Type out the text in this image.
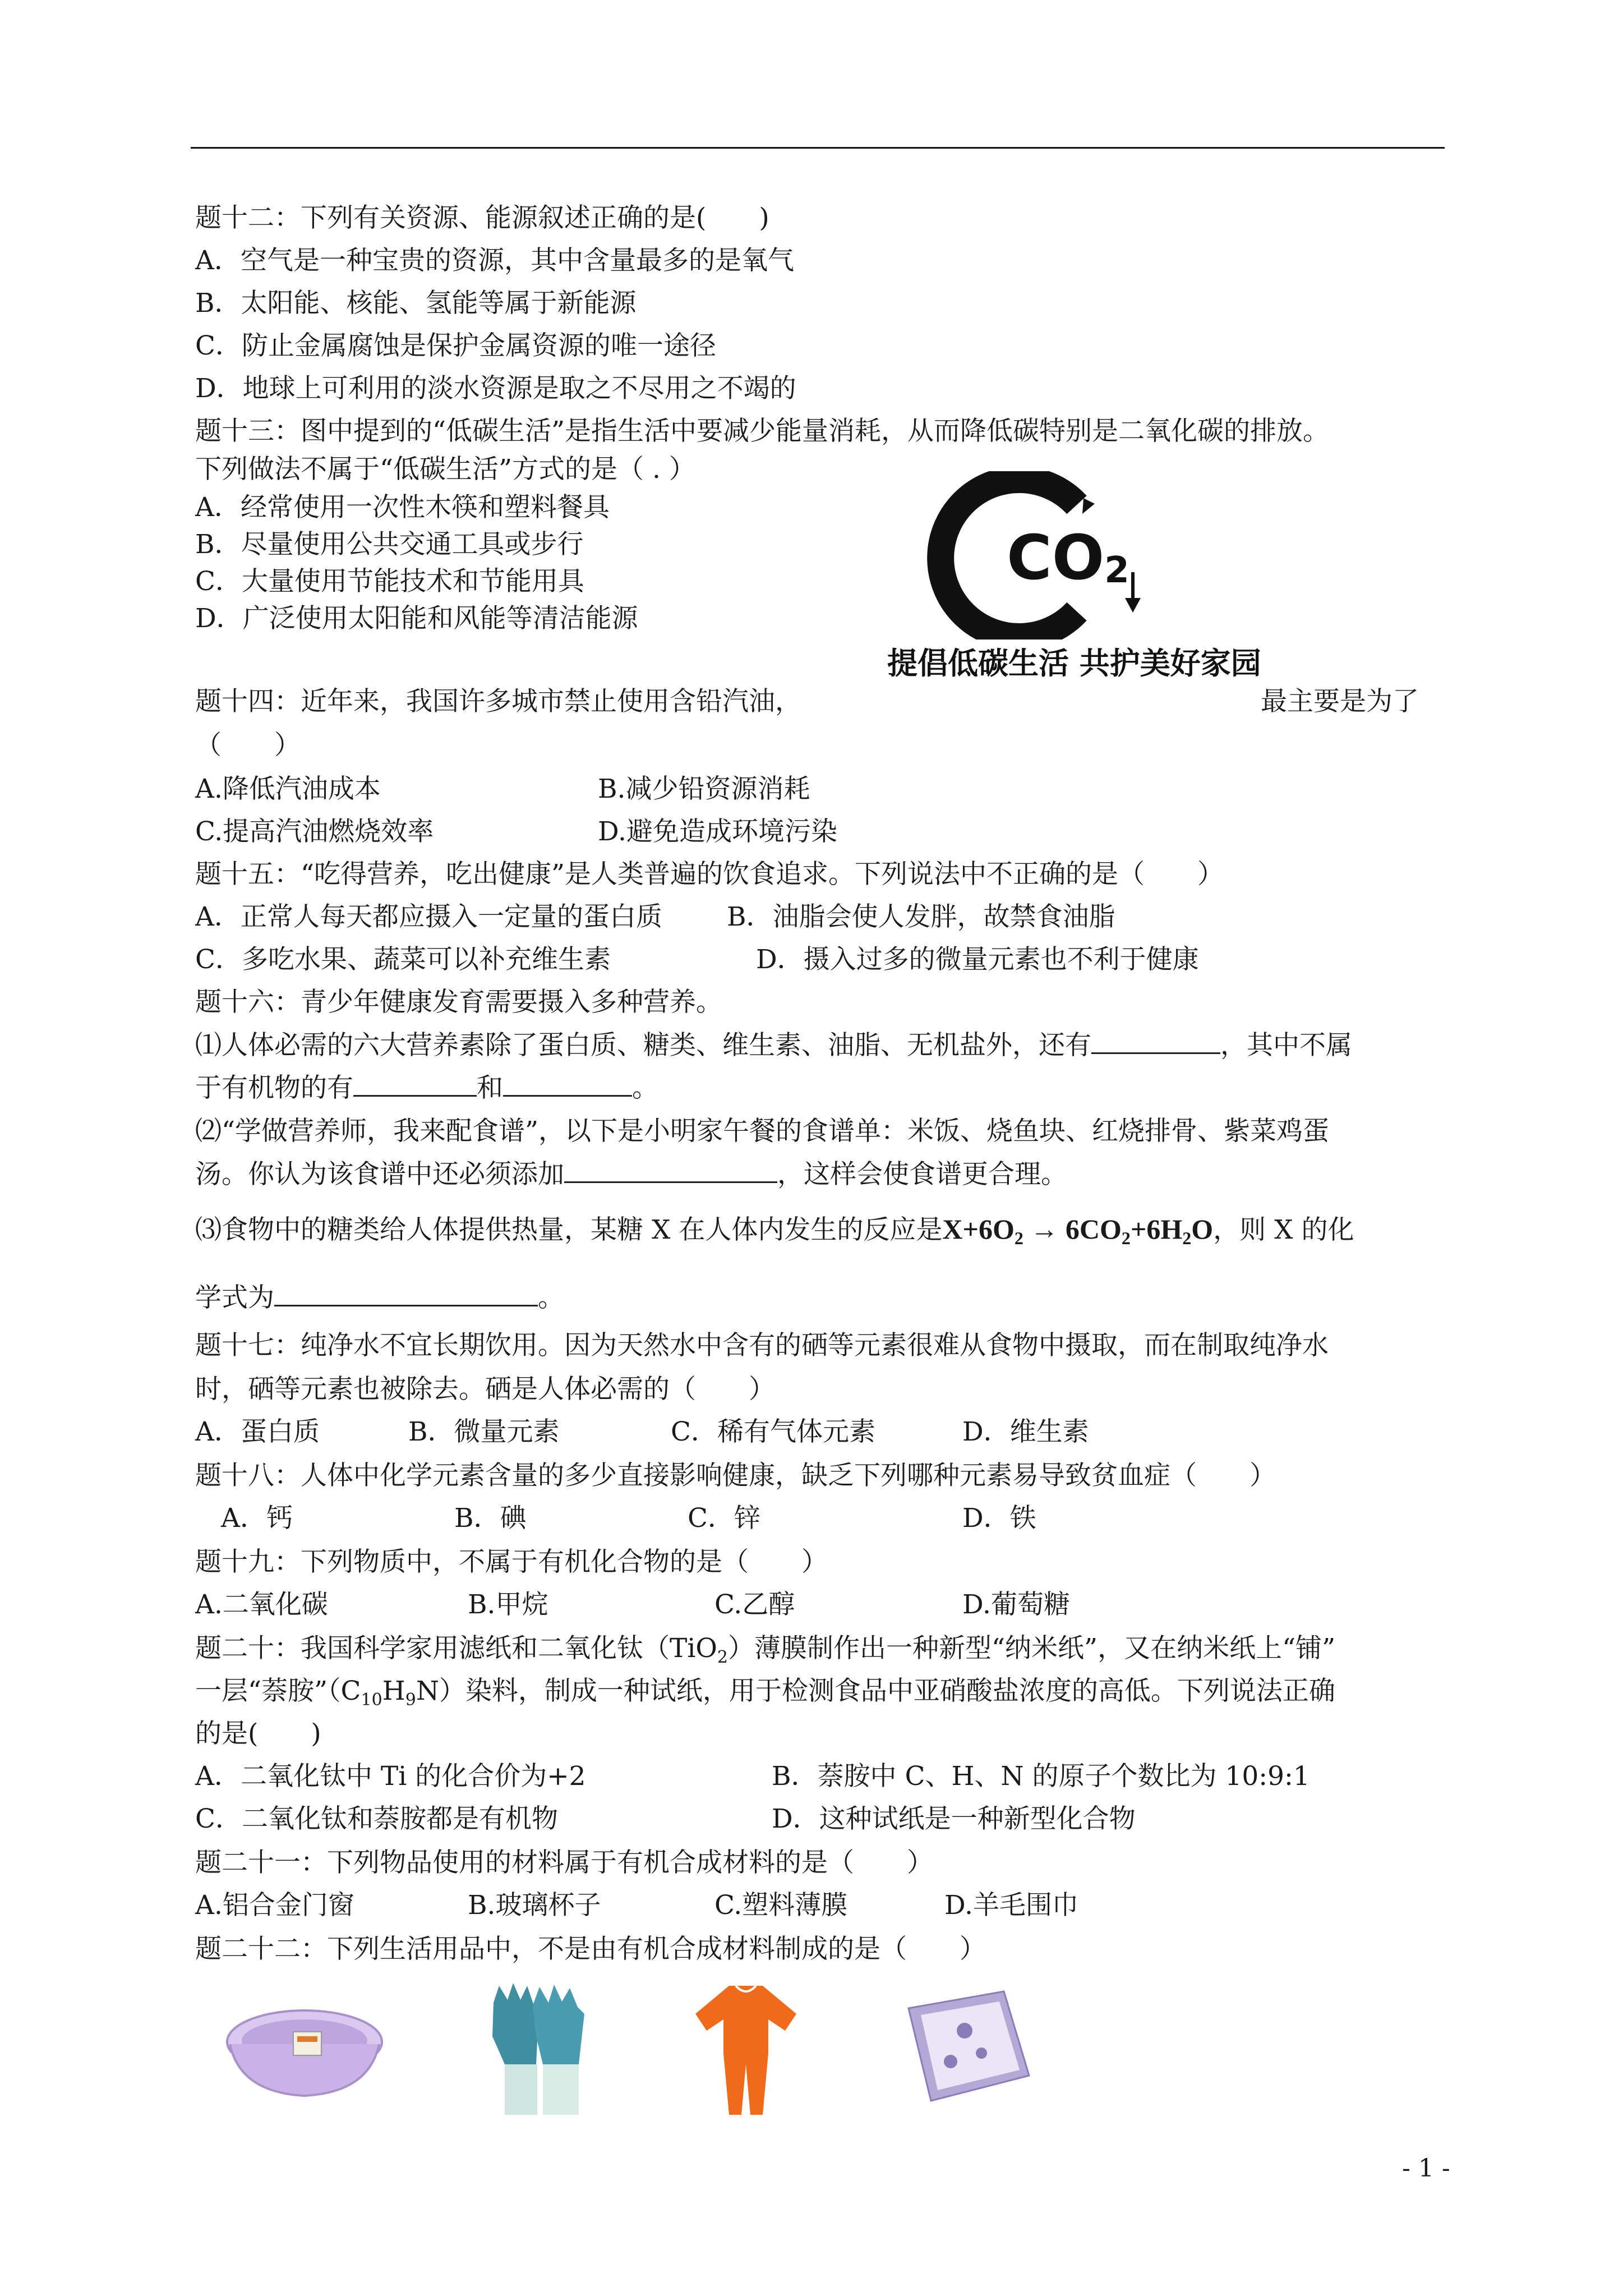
题十二：下列有关资源、能源叙述正确的是(　　)
A．空气是一种宝贵的资源，其中含量最多的是氧气
B．太阳能、核能、氢能等属于新能源
C．防止金属腐蚀是保护金属资源的唯一途径
D．地球上可利用的淡水资源是取之不尽用之不竭的
题十三：图中提到的“低碳生活”是指生活中要减少能量消耗，从而降低碳特别是二氧化碳的排放。
下列做法不属于“低碳生活”方式的是（ . ）
A．经常使用一次性木筷和塑料餐具
B．尽量使用公共交通工具或步行
C．大量使用节能技术和节能用具
D．广泛使用太阳能和风能等清洁能源
CO2
提倡低碳生活 共护美好家园
题十四：近年来，我国许多城市禁止使用含铅汽油，	最主要是为了
（　　）
A.降低汽油成本	B.减少铅资源消耗
C.提高汽油燃烧效率	D.避免造成环境污染
题十五：“吃得营养，吃出健康”是人类普遍的饮食追求。下列说法中不正确的是（　　）
A．正常人每天都应摄入一定量的蛋白质 B．油脂会使人发胖，故禁食油脂
C．多吃水果、蔬菜可以补充维生素	D．摄入过多的微量元素也不利于健康
题十六：青少年健康发育需要摄入多种营养。
⑴人体必需的六大营养素除了蛋白质、糖类、维生素、油脂、无机盐外，还有	，其中不属
于有机物的有	和	。
⑵“学做营养师，我来配食谱”，以下是小明家午餐的食谱单：米饭、烧鱼块、红烧排骨、紫菜鸡蛋
汤。你认为该食谱中还必须添加	，这样会使食谱更合理。
⑶食物中的糖类给人体提供热量，某糖 X 在人体内发生的反应是$X+6O_2 \to 6CO_2+6H_2O$，则 X 的化
学式为	。
题十七：纯净水不宜长期饮用。因为天然水中含有的硒等元素很难从食物中摄取，而在制取纯净水
时，硒等元素也被除去。硒是人体必需的（　　）
A．蛋白质	B．微量元素	C．稀有气体元素	D．维生素
题十八：人体中化学元素含量的多少直接影响健康，缺乏下列哪种元素易导致贫血症（　　）
A．钙	B．碘	C．锌	D．铁
题十九：下列物质中，不属于有机化合物的是（　　）
A.二氧化碳	B.甲烷	C.乙醇	D.葡萄糖
题二十：我国科学家用滤纸和二氧化钛（TiO$_2$）薄膜制作出一种新型“纳米纸”，又在纳米纸上“铺”
一层“萘胺$”(C_{10}H_9N)$染料，制成一种试纸，用于检测食品中亚硝酸盐浓度的高低。下列说法正确
的是(　　)
A．二氧化钛中 Ti 的化合价为+2	B．萘胺中 C、H、N 的原子个数比为 10:9:1
C．二氧化钛和萘胺都是有机物	D．这种试纸是一种新型化合物
题二十一：下列物品使用的材料属于有机合成材料的是（　　）
A.铝合金门窗	B.玻璃杯子	C.塑料薄膜	D.羊毛围巾
题二十二：下列生活用品中，不是由有机合成材料制成的是（　　）
- 1 -
